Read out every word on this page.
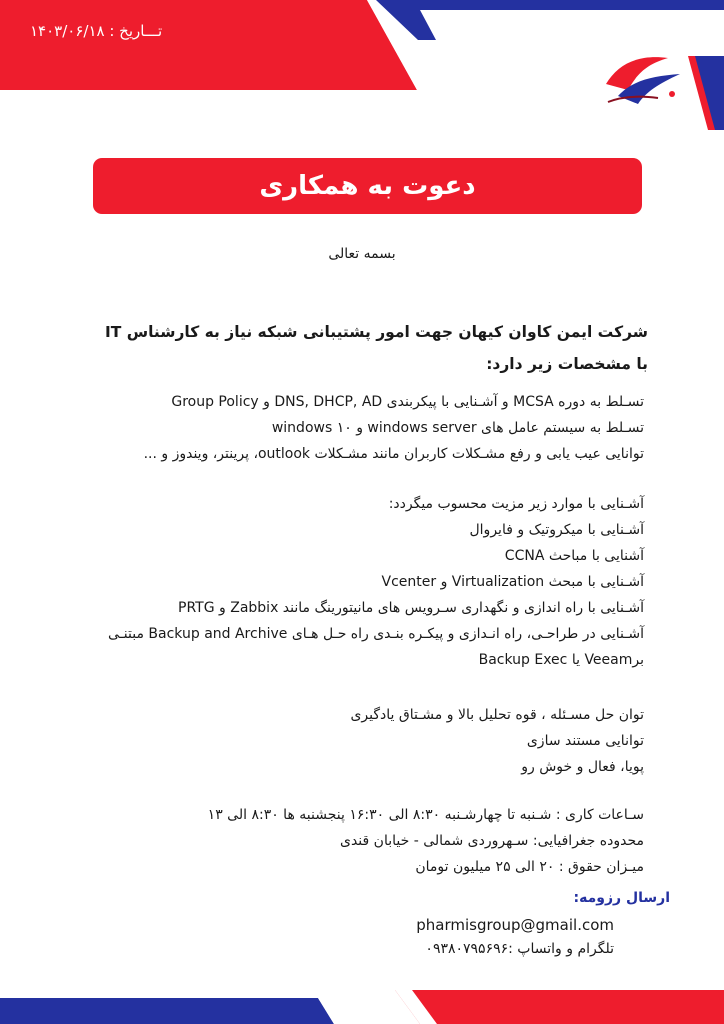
تـــاریخ : ۱۴۰۳/۰۶/۱۸
دعوت به همکاری
بسمه تعالی
شرکت ایمن کاوان کیهان جهت امور پشتیبانی شبکه نیاز به کارشناس IT با مشخصات زیر دارد:
تسـلط به دوره MCSA و آشـنایی با پیکربندی DNS, DHCP, AD و Group Policy
تسـلط به سیستم عامل های windows server و windows ۱۰
توانایی عیب یابی و رفع مشـکلات کاربران مانند مشـکلات outlook، پرینتر، ویندوز و ...
آشـنایی با موارد زیر مزیت محسوب میگردد:
آشـنایی با میکروتیک و فایروال
آشنایی با مباحث CCNA
آشـنایی با مبحث Virtualization و Vcenter
آشـنایی با راه اندازی و نگهداری سـرویس های مانیتورینگ مانند Zabbix و PRTG
آشـنایی در طراحـی، راه انـدازی و پیکـره بنـدی راه حـل هـای Backup and Archive مبتنـی
برVeeam یا Backup Exec
توان حل مسـئله ، قوه تحلیل بالا و مشـتاق یادگیری
توانایی مستند سازی
پویا، فعال و خوش رو
سـاعات کاری : شـنبه تا چهارشـنبه ۸:۳۰ الی ۱۶:۳۰ پنجشنبه ها ۸:۳۰ الی ۱۳
محدوده جغرافیایی: سـهروردی شمالی - خیابان قندی
میـزان حقوق : ۲۰ الی ۲۵ میلیون تومان
ارسال رزومه:
pharmisgroup@gmail.com
تلگرام و واتساپ :۰۹۳۸۰۷۹۵۶۹۶
